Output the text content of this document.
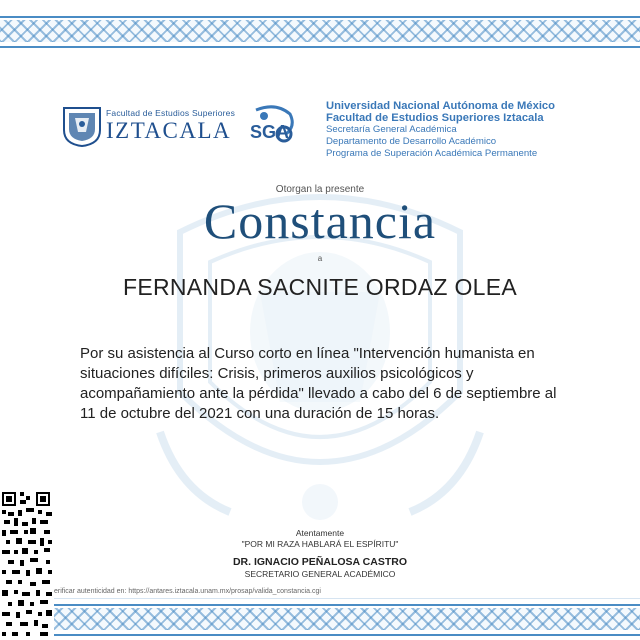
Facultad de Estudios Superiores
IZTACALA SGA
Universidad Nacional Autónoma de México
Facultad de Estudios Superiores Iztacala
Secretaría General Académica
Departamento de Desarrollo Académico
Programa de Superación Académica Permanente
Otorgan la presente
Constancia
a
FERNANDA SACNITE ORDAZ OLEA
Por su asistencia al Curso corto en línea "Intervención humanista en situaciones difíciles: Crisis, primeros auxilios psicológicos y acompañamiento ante la pérdida" llevado a cabo del 6 de septiembre al 11 de octubre del 2021 con una duración de 15 horas.
Atentamente
"POR MI RAZA HABLARÁ EL ESPÍRITU"
DR. IGNACIO PEÑALOSA CASTRO
SECRETARIO GENERAL ACADÉMICO
erificar autenticidad en: https://antares.iztacala.unam.mx/prosap/valida_constancia.cgi
